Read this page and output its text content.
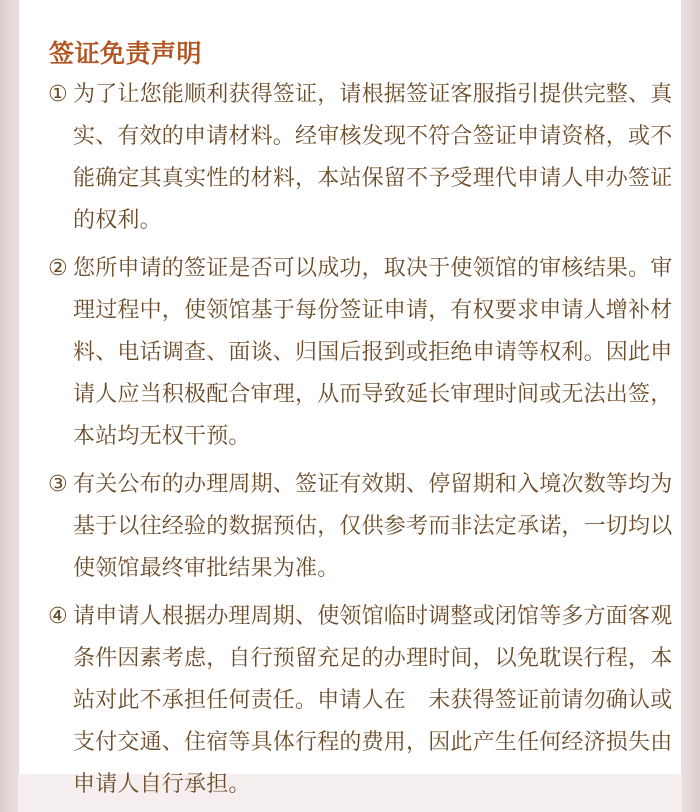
签证免责声明
① 为了让您能顺利获得签证，请根据签证客服指引提供完整、真实、有效的申请材料。经审核发现不符合签证申请资格，或不能确定其真实性的材料，本站保留不予受理代申请人申办签证的权利。
② 您所申请的签证是否可以成功，取决于使领馆的审核结果。审理过程中，使领馆基于每份签证申请，有权要求申请人增补材料、电话调查、面谈、归国后报到或拒绝申请等权利。因此申请人应当积极配合审理，从而导致延长审理时间或无法出签，本站均无权干预。
③ 有关公布的办理周期、签证有效期、停留期和入境次数等均为基于以往经验的数据预估，仅供参考而非法定承诺，一切均以使领馆最终审批结果为准。
④ 请申请人根据办理周期、使领馆临时调整或闭馆等多方面客观条件因素考虑，自行预留充足的办理时间，以免耽误行程，本站对此不承担任何责任。申请人在　未获得签证前请勿确认或支付交通、住宿等具体行程的费用，因此产生任何经济损失由申请人自行承担。
